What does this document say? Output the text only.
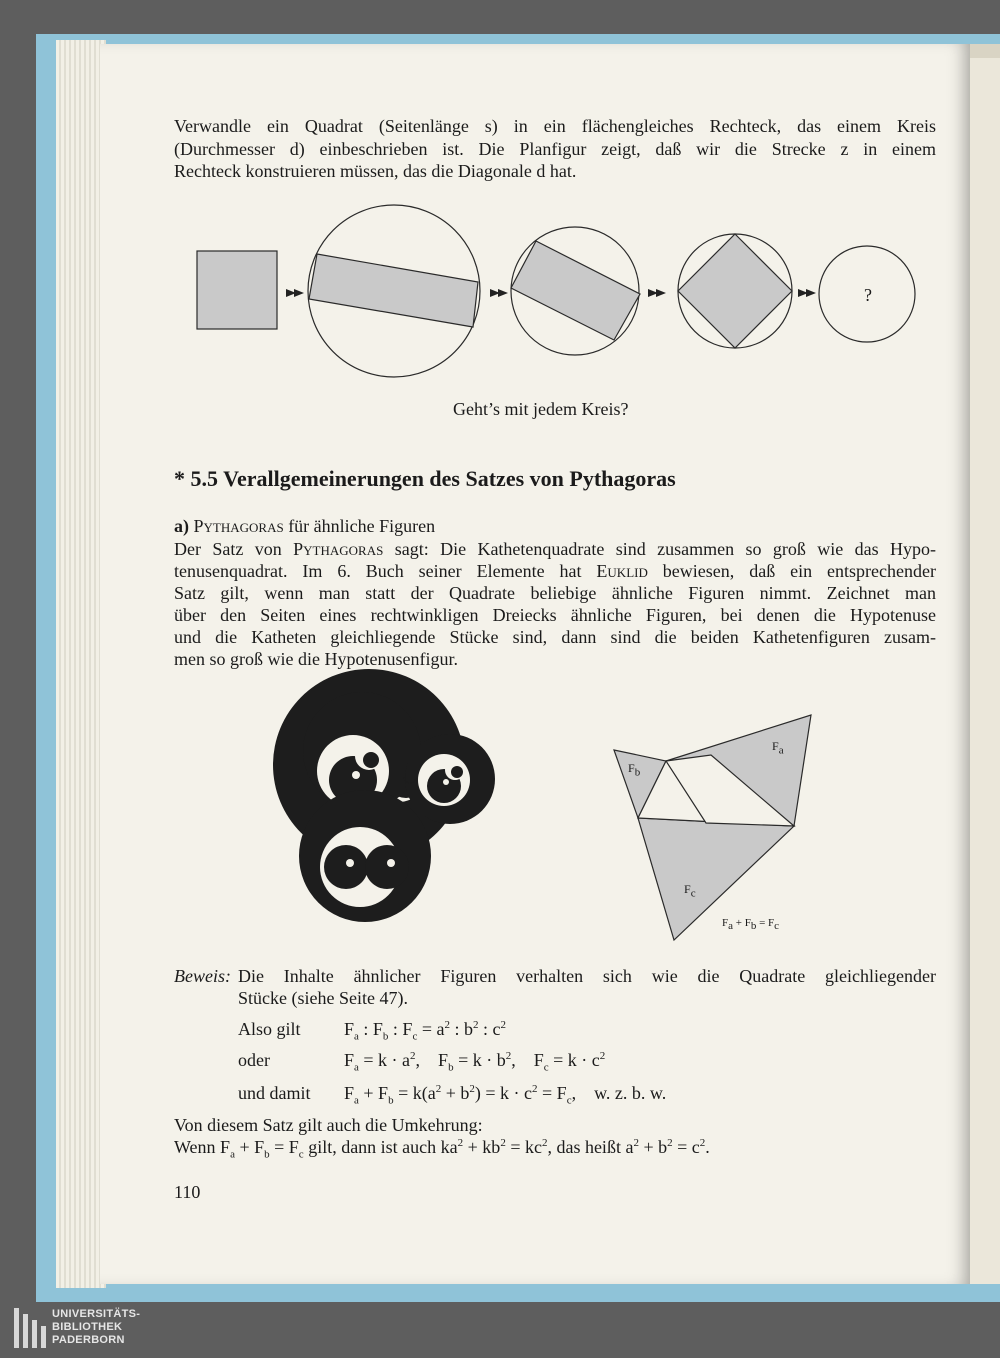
Verwandle ein Quadrat (Seitenlänge s) in ein flächengleiches Rechteck, das einem Kreis
(Durchmesser d) einbeschrieben ist. Die Planfigur zeigt, daß wir die Strecke z in einem
Rechteck konstruieren müssen, das die Diagonale d hat.
?
Geht’s mit jedem Kreis?
* 5.5 Verallgemeinerungen des Satzes von Pythagoras
a) Pythagoras für ähnliche Figuren
Der Satz von Pythagoras sagt: Die Kathetenquadrate sind zusammen so groß wie das Hypo-
tenusenquadrat. Im 6. Buch seiner Elemente hat Euklid bewiesen, daß ein entsprechender
Satz gilt, wenn man statt der Quadrate beliebige ähnliche Figuren nimmt. Zeichnet man
über den Seiten eines rechtwinkligen Dreiecks ähnliche Figuren, bei denen die Hypotenuse
und die Katheten gleichliegende Stücke sind, dann sind die beiden Kathetenfiguren zusam-
men so groß wie die Hypotenusenfigur.
$F_b$
$F_a$
$F_c$
$F_a + F_b = F_c$
Beweis: Die Inhalte ähnlicher Figuren verhalten sich wie die Quadrate gleichliegender
Stücke (siehe Seite 47).
Also gilt $F_a$ : $F_b$ : $F_c = a^2$ : $b^2$ : $c^2$
oder	$F_a = k \cdot a^2$,    $F_b = k \cdot b^2$,    $F_c = k \cdot c^2$
und damit $F_a + F_b = k(a^2 + b^2) = k \cdot c^2 = F_c$,    w. z. b. w.
Von diesem Satz gilt auch die Umkehrung:
Wenn $F_a + F_b = F_c$ gilt, dann ist auch $ka^2 + kb^2 = kc^2$, das heißt $a^2 + b^2 = c^2$.
110
UNIVERSITÄTS-
BIBLIOTHEK
PADERBORN
